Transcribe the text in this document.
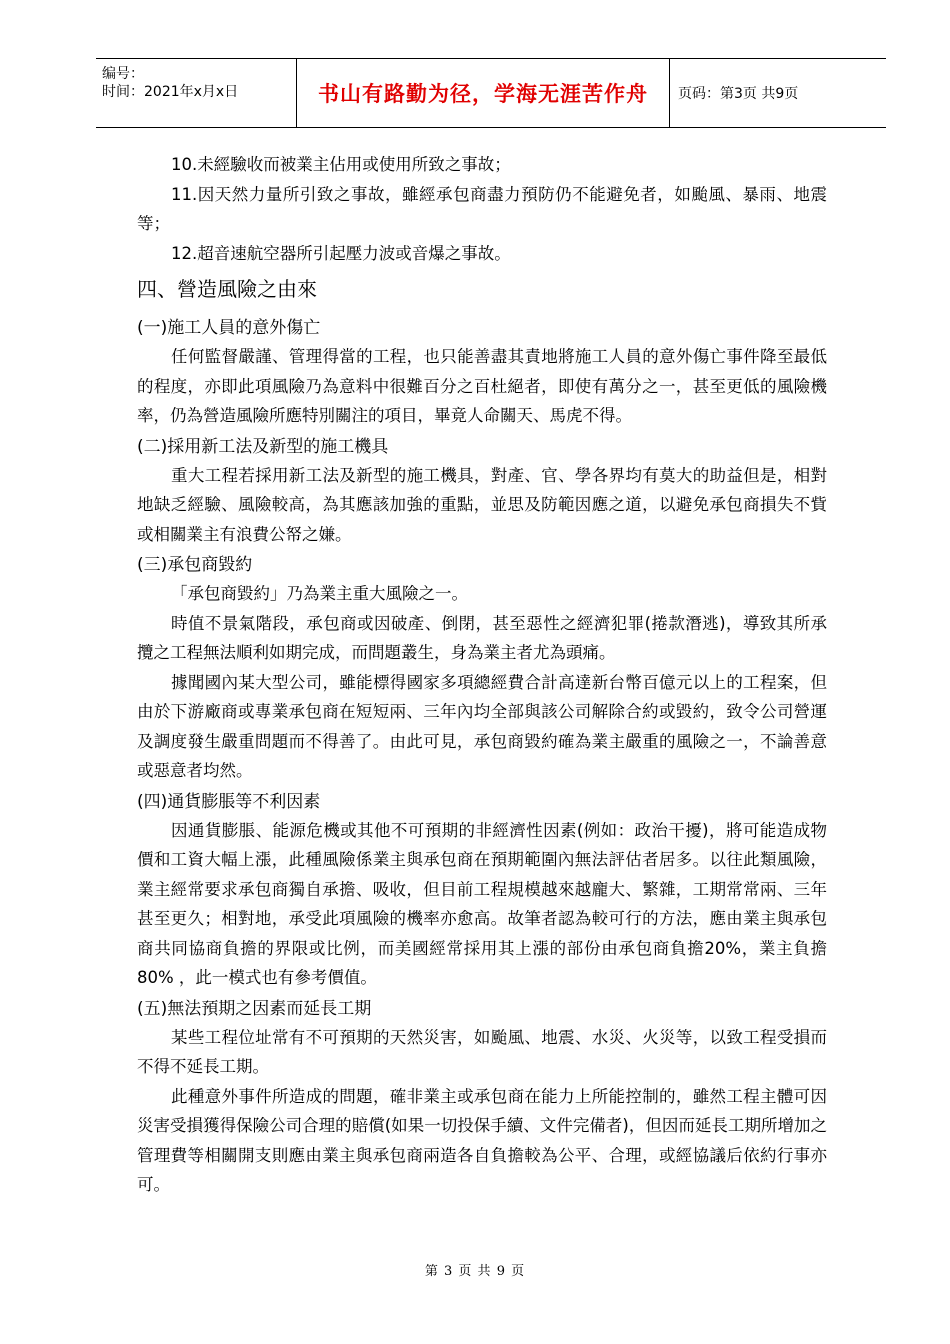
编号：
时间：2021年x月x日	书山有路勤为径，学海无涯苦作舟	页码：第3页 共9页

10.未經驗收而被業主佔用或使用所致之事故；

11.因天然力量所引致之事故，雖經承包商盡力預防仍不能避免者，如颱風、暴雨、地震等；

12.超音速航空器所引起壓力波或音爆之事故。

四、營造風險之由來
(一)施工人員的意外傷亡

任何監督嚴謹、管理得當的工程，也只能善盡其責地將施工人員的意外傷亡事件降至最低的程度，亦即此項風險乃為意料中很難百分之百杜絕者，即使有萬分之一，甚至更低的風險機率，仍為營造風險所應特別關注的項目，畢竟人命關天、馬虎不得。

(二)採用新工法及新型的施工機具

重大工程若採用新工法及新型的施工機具，對產、官、學各界均有莫大的助益但是，相對地缺乏經驗、風險較高，為其應該加強的重點，並思及防範因應之道，以避免承包商損失不貲或相關業主有浪費公帑之嫌。

(三)承包商毀約

「承包商毀約」乃為業主重大風險之一。

時值不景氣階段，承包商或因破產、倒閉，甚至惡性之經濟犯罪(捲款潛逃)，導致其所承攬之工程無法順利如期完成，而問題叢生，身為業主者尤為頭痛。

據聞國內某大型公司，雖能標得國家多項總經費合計高達新台幣百億元以上的工程案，但由於下游廠商或專業承包商在短短兩、三年內均全部與該公司解除合約或毀約，致令公司營運及調度發生嚴重問題而不得善了。由此可見，承包商毀約確為業主嚴重的風險之一，不論善意或惡意者均然。

(四)通貨膨脹等不利因素

因通貨膨脹、能源危機或其他不可預期的非經濟性因素(例如：政治干擾)，將可能造成物價和工資大幅上漲，此種風險係業主與承包商在預期範圍內無法評估者居多。以往此類風險，業主經常要求承包商獨自承擔、吸收，但目前工程規模越來越龐大、繁雜，工期常常兩、三年甚至更久；相對地，承受此項風險的機率亦愈高。故筆者認為較可行的方法，應由業主與承包商共同協商負擔的界限或比例，而美國經常採用其上漲的部份由承包商負擔20%，業主負擔80% ，此一模式也有參考價值。

(五)無法預期之因素而延長工期

某些工程位址常有不可預期的天然災害，如颱風、地震、水災、火災等，以致工程受損而不得不延長工期。

此種意外事件所造成的問題，確非業主或承包商在能力上所能控制的，雖然工程主體可因災害受損獲得保險公司合理的賠償(如果一切投保手續、文件完備者)，但因而延長工期所增加之管理費等相關開支則應由業主與承包商兩造各自負擔較為公平、合理，或經協議后依約行事亦可。

第 3 页 共 9 页
